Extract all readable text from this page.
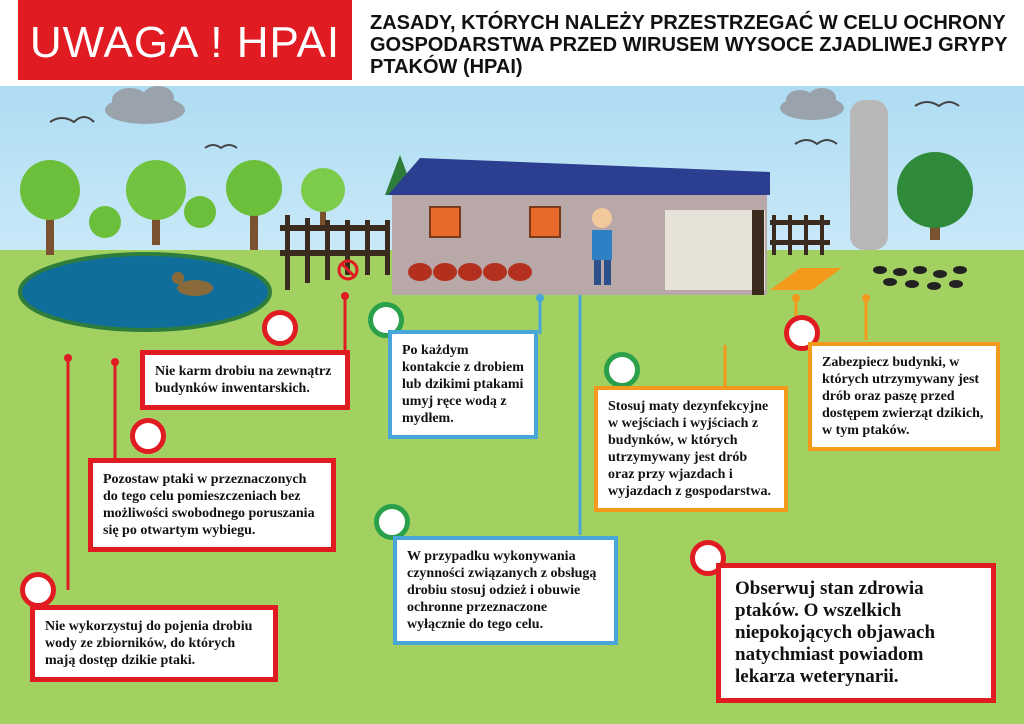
UWAGA ! HPAI	ZASADY, KTÓRYCH NALEŻY PRZESTRZEGAĆ W CELU OCHRONY GOSPODARSTWA PRZED WIRUSEM WYSOCE ZJADLIWEJ GRYPY PTAKÓW (HPAI)
Nie karm drobiu na zewnątrz budynków inwentarskich.
Pozostaw ptaki w przeznaczonych do tego celu pomieszczeniach bez możliwości swobodnego poruszania się po otwartym wybiegu.
Nie wykorzystuj do pojenia drobiu wody ze zbiorników, do których mają dostęp dzikie ptaki.
Po każdym kontakcie z drobiem lub dzikimi ptakami umyj ręce wodą z mydłem.
W przypadku wykonywania czynności związanych z obsługą drobiu stosuj odzież i obuwie ochronne przeznaczone wyłącznie do tego celu.
Stosuj maty dezynfekcyjne w wejściach i wyjściach z budynków, w których utrzymywany jest drób oraz przy wjazdach i wyjazdach z gospodarstwa.
Zabezpiecz budynki, w których utrzymywany jest drób oraz paszę przed dostępem zwierząt dzikich, w tym ptaków.
Obserwuj stan zdrowia ptaków. O wszelkich niepokojących objawach natychmiast powiadom lekarza weterynarii.
